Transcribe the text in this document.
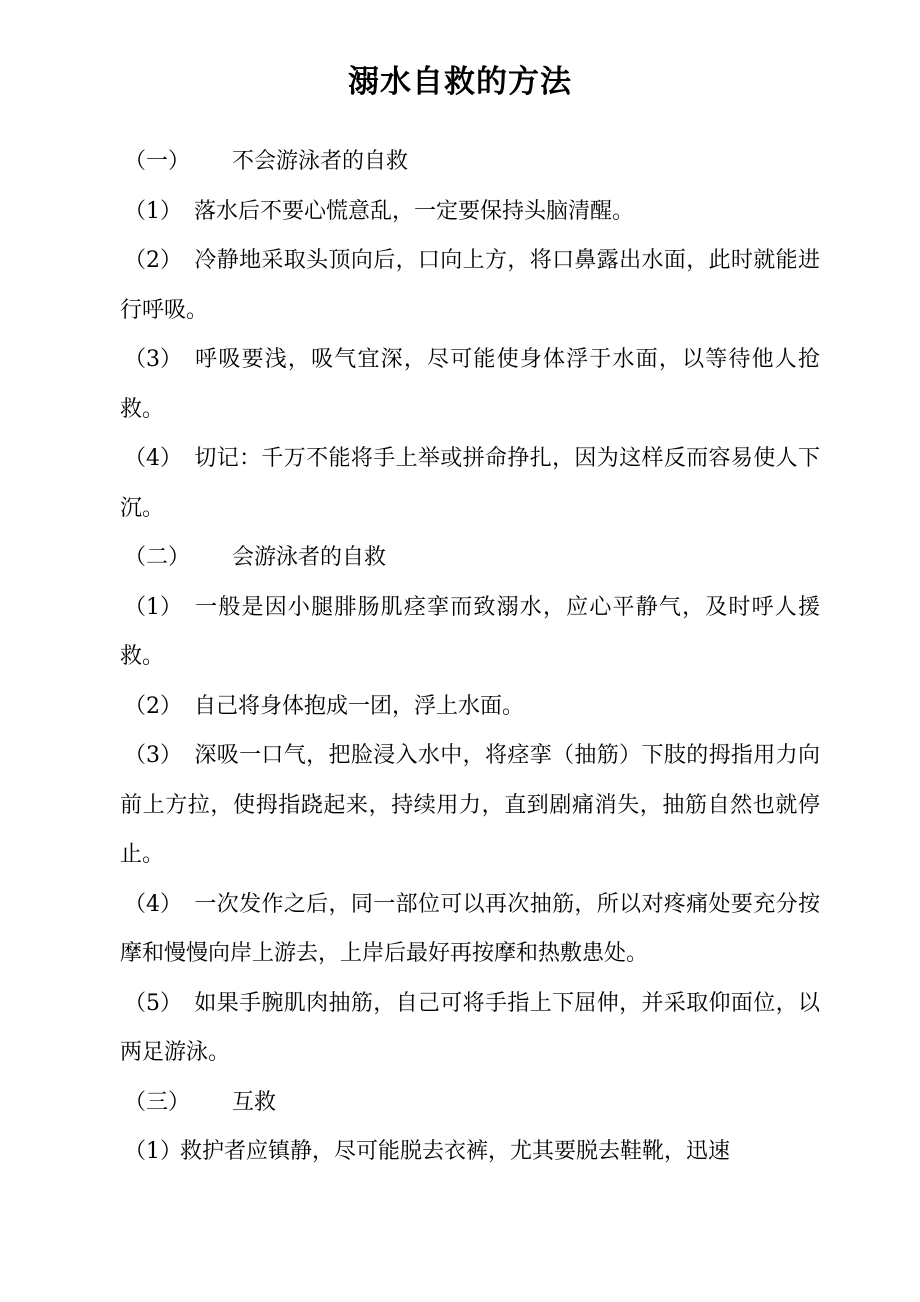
溺水自救的方法

（一） 不会游泳者的自救

（1） 落水后不要心慌意乱，一定要保持头脑清醒。

（2） 冷静地采取头顶向后，口向上方，将口鼻露出水面，此时就能进行呼吸。

（3） 呼吸要浅，吸气宜深，尽可能使身体浮于水面，以等待他人抢救。

（4） 切记：千万不能将手上举或拼命挣扎，因为这样反而容易使人下沉。

（二） 会游泳者的自救

（1） 一般是因小腿腓肠肌痉挛而致溺水，应心平静气，及时呼人援救。

（2） 自己将身体抱成一团，浮上水面。

（3） 深吸一口气，把脸浸入水中，将痉挛（抽筋）下肢的拇指用力向前上方拉，使拇指跷起来，持续用力，直到剧痛消失，抽筋自然也就停止。

（4） 一次发作之后，同一部位可以再次抽筋，所以对疼痛处要充分按摩和慢慢向岸上游去，上岸后最好再按摩和热敷患处。

（5） 如果手腕肌肉抽筋，自己可将手指上下屈伸，并采取仰面位，以两足游泳。

（三） 互救

（1）救护者应镇静，尽可能脱去衣裤，尤其要脱去鞋靴，迅速
